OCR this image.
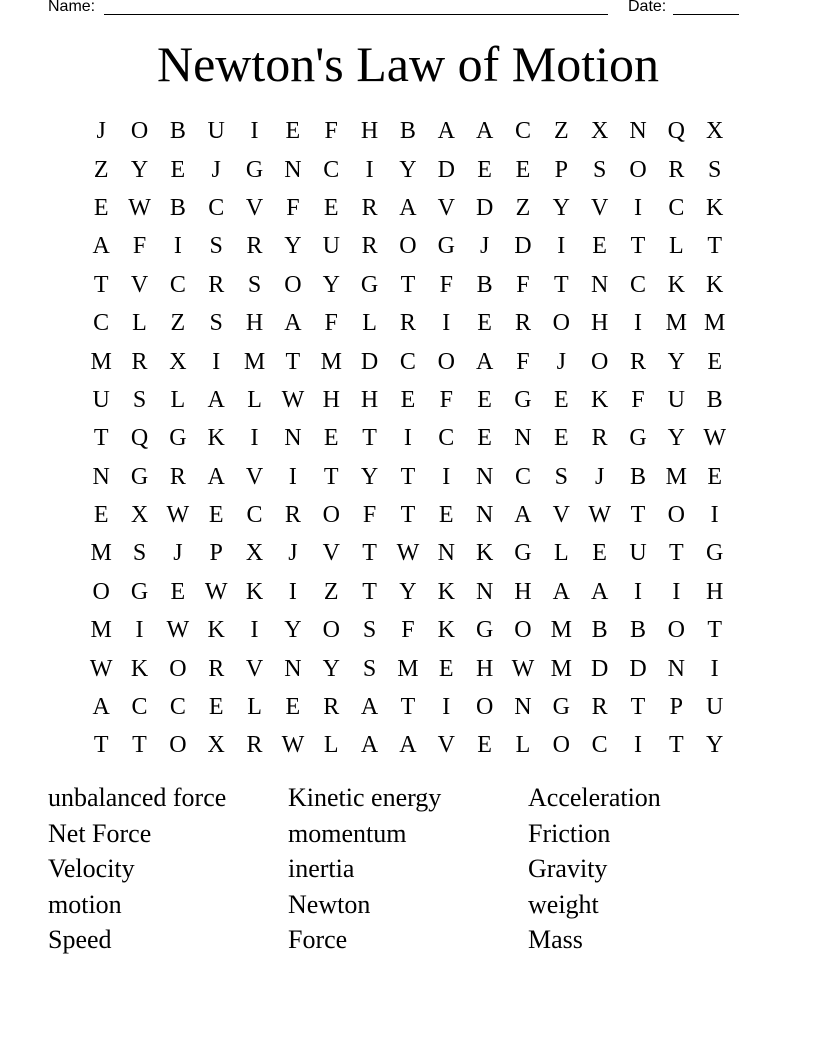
Name:	Date:
Newton's Law of Motion
J	O B U	I	E	F H B A A C Z X N Q X
Z Y E	J	G N C	I	Y D E E	P	S O R S
E W B C V F	E R A V D Z Y V	I	C K
A F	I	S R Y U R O G	J	D	I	E T L T
T V C R S O Y G T	F B F	T N C K K
C L Z	S H A F	L R	I	E R O H	I M M
M R X	I M T M D C O A F	J	O R Y E
U S	L A L W H H E	F	E G E K F U B
T Q G K	I	N E T	I	C E N E R G Y W
N G R A V	I	T Y T	I	N C S	J	B M E
E X W E C R O F	T E N A V W T O	I
M S	J	P X	J	V T W N K G L E U T G
O G E W K	I	Z T Y K N H A A	I	I	H
M I W K	I	Y O S	F K G O M B B O T
W K O R V N Y S M E H W M D D N	I
A C C E L E R A T	I	O N G R T	P U
T T O X R W L A A V E L O C	I	T Y
unbalanced force
Net Force
Velocity
motion
Speed
Kinetic energy
momentum
inertia
Newton
Force
Acceleration
Friction
Gravity
weight
Mass
